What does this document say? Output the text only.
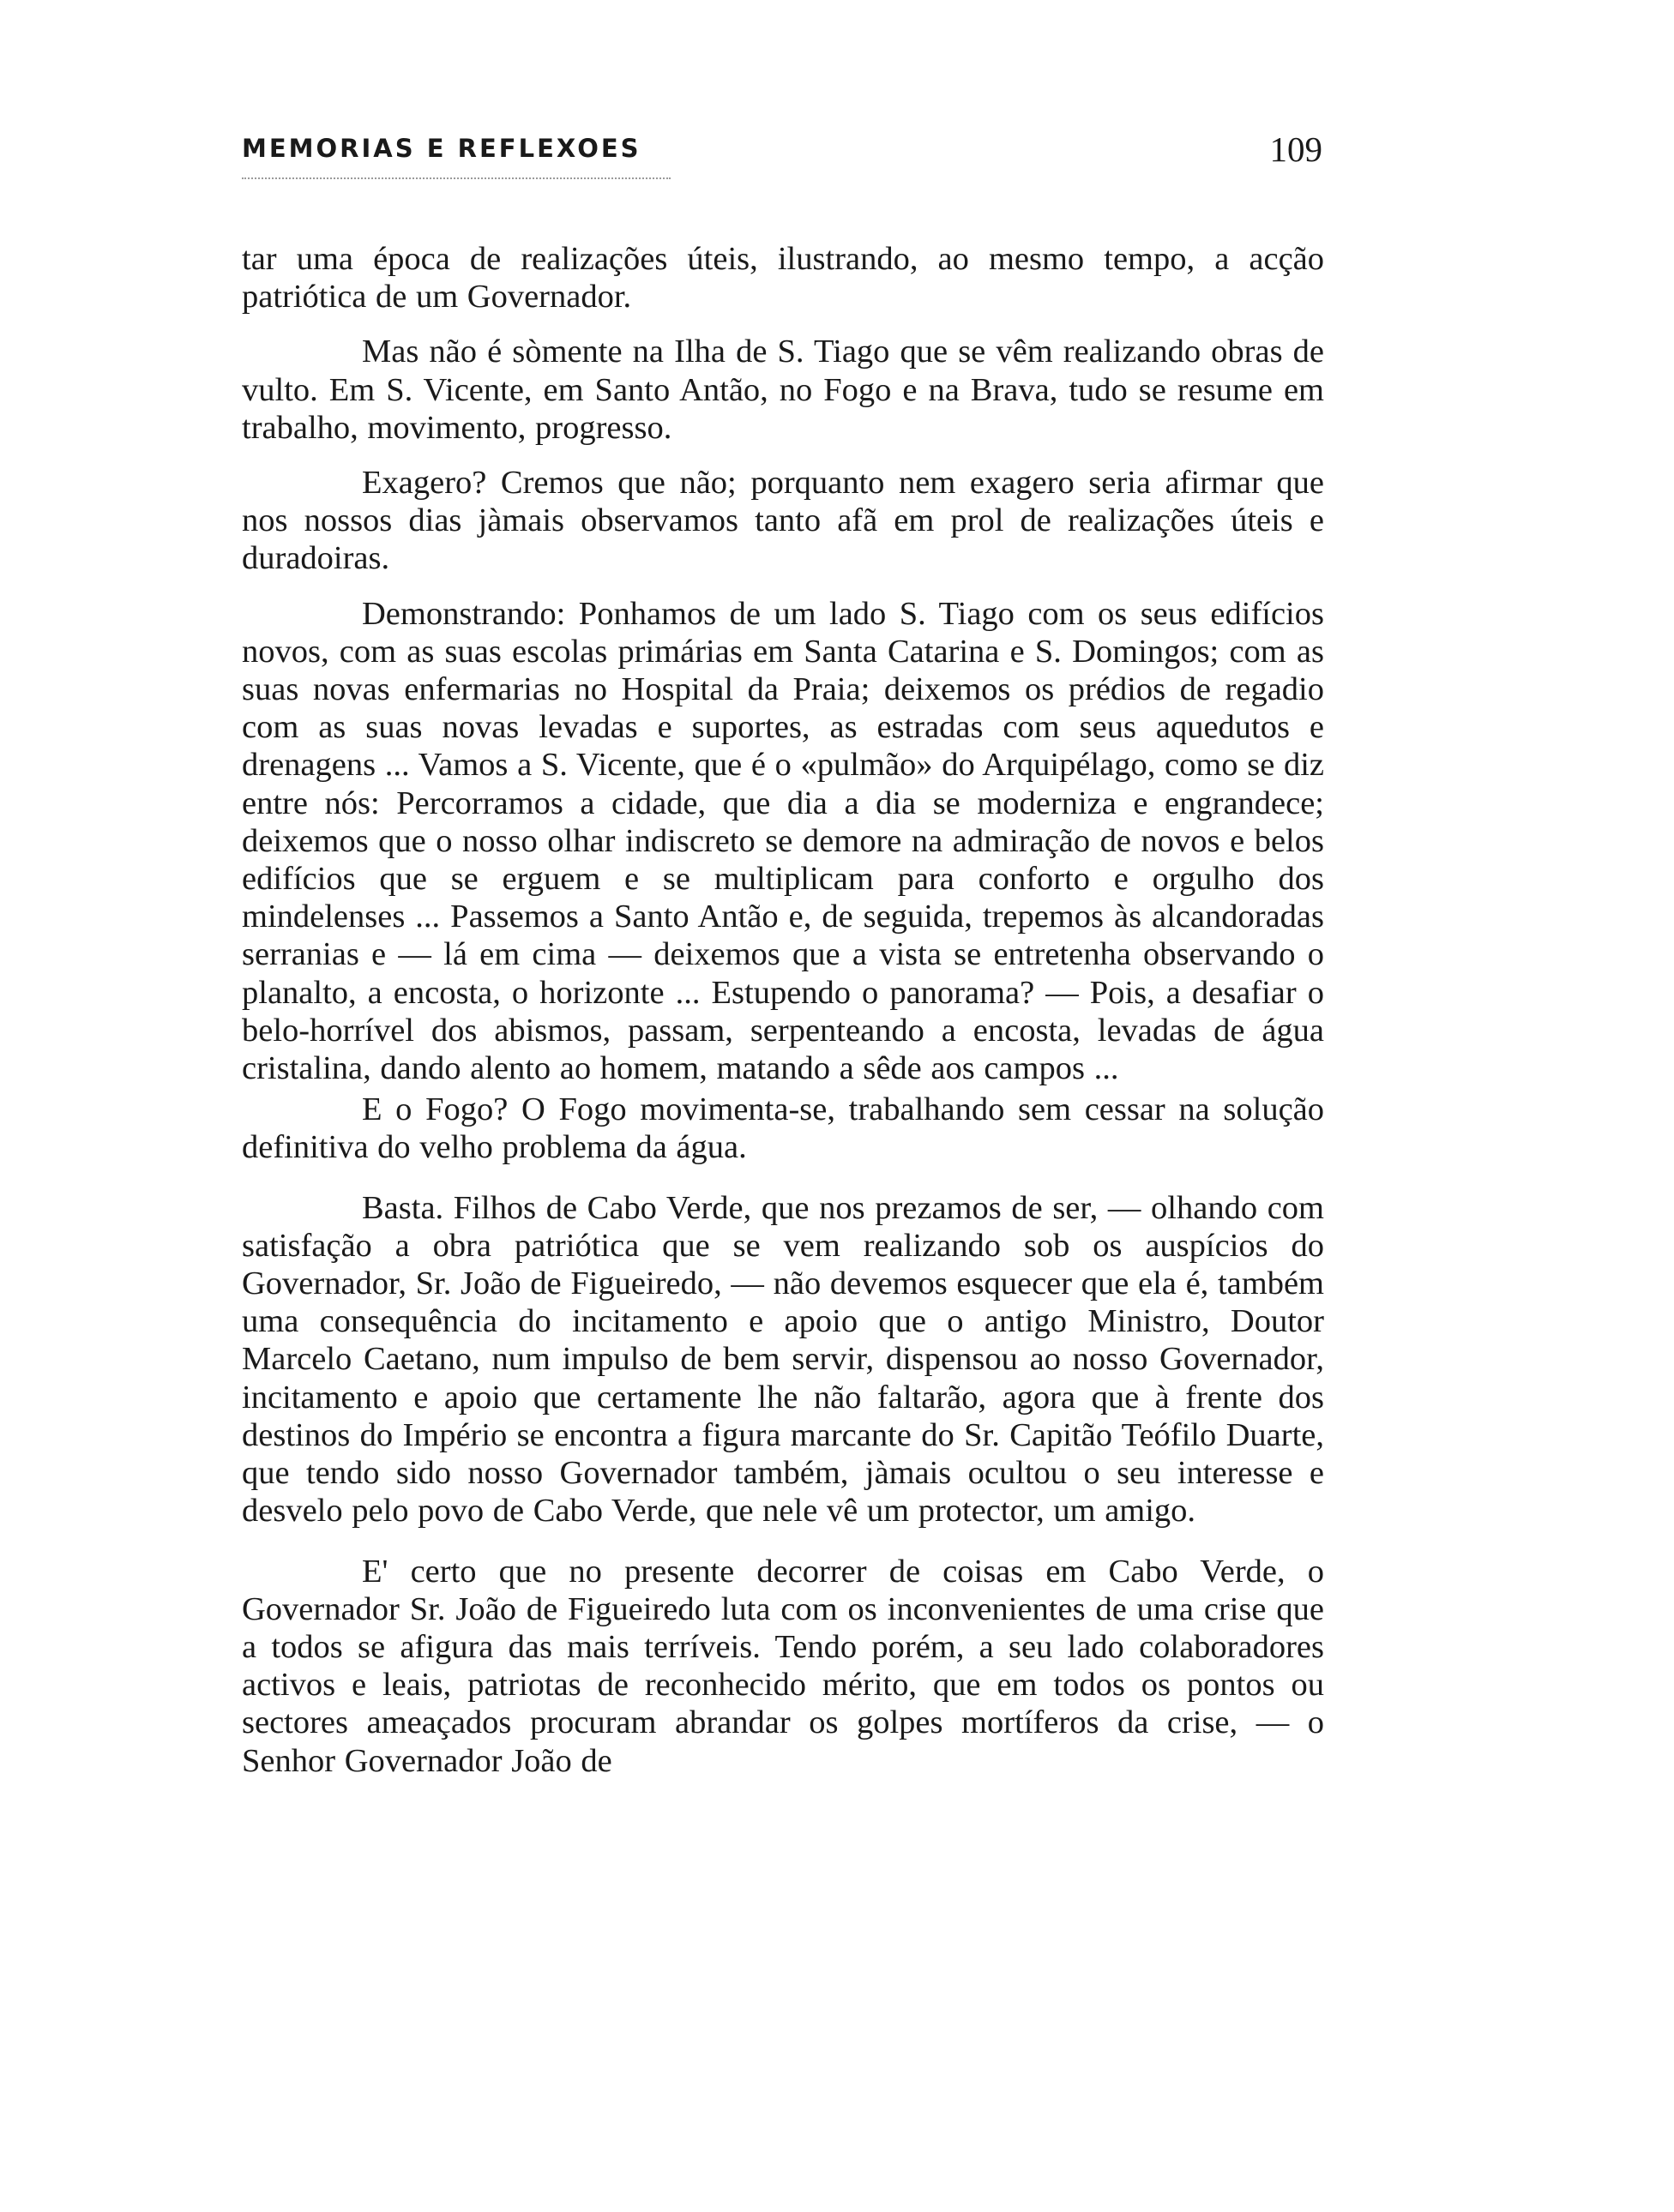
MEMORIAS E REFLEXOES	109

tar uma época de realizações úteis, ilustrando, ao mesmo tempo, a acção patriótica de um Governador.

Mas não é sòmente na Ilha de S. Tiago que se vêm realizando obras de vulto. Em S. Vicente, em Santo Antão, no Fogo e na Brava, tudo se resume em trabalho, movimento, progresso.

Exagero? Cremos que não; porquanto nem exagero seria afirmar que nos nossos dias jàmais observamos tanto afã em prol de realizações úteis e duradoiras.

Demonstrando: Ponhamos de um lado S. Tiago com os seus edifícios novos, com as suas escolas primárias em Santa Catarina e S. Domingos; com as suas novas enfermarias no Hospital da Praia; deixemos os prédios de regadio com as suas novas levadas e suportes, as estradas com seus aquedutos e drenagens ... Vamos a S. Vicente, que é o «pulmão» do Arquipélago, como se diz entre nós: Percorramos a cidade, que dia a dia se moderniza e engrandece; deixemos que o nosso olhar indiscreto se demore na admiração de novos e belos edifícios que se erguem e se multiplicam para conforto e orgulho dos mindelenses ... Passemos a Santo Antão e, de seguida, trepemos às alcandoradas serranias e — lá em cima — deixemos que a vista se entretenha observando o planalto, a encosta, o horizonte ... Estupendo o panorama? — Pois, a desafiar o belo-horrível dos abismos, passam, serpenteando a encosta, levadas de água cristalina, dando alento ao homem, matando a sêde aos campos ...

E o Fogo? O Fogo movimenta-se, trabalhando sem cessar na solução definitiva do velho problema da água.

Basta. Filhos de Cabo Verde, que nos prezamos de ser, — olhando com satisfação a obra patriótica que se vem realizando sob os auspícios do Governador, Sr. João de Figueiredo, — não devemos esquecer que ela é, também uma consequência do incitamento e apoio que o antigo Ministro, Doutor Marcelo Caetano, num impulso de bem servir, dispensou ao nosso Governador, incitamento e apoio que certamente lhe não faltarão, agora que à frente dos destinos do Império se encontra a figura marcante do Sr. Capitão Teófilo Duarte, que tendo sido nosso Governador também, jàmais ocultou o seu interesse e desvelo pelo povo de Cabo Verde, que nele vê um protector, um amigo.

E' certo que no presente decorrer de coisas em Cabo Verde, o Governador Sr. João de Figueiredo luta com os inconvenientes de uma crise que a todos se afigura das mais terríveis. Tendo porém, a seu lado colaboradores activos e leais, patriotas de reconhecido mérito, que em todos os pontos ou sectores ameaçados procuram abrandar os golpes mortíferos da crise, — o Senhor Governador João de
